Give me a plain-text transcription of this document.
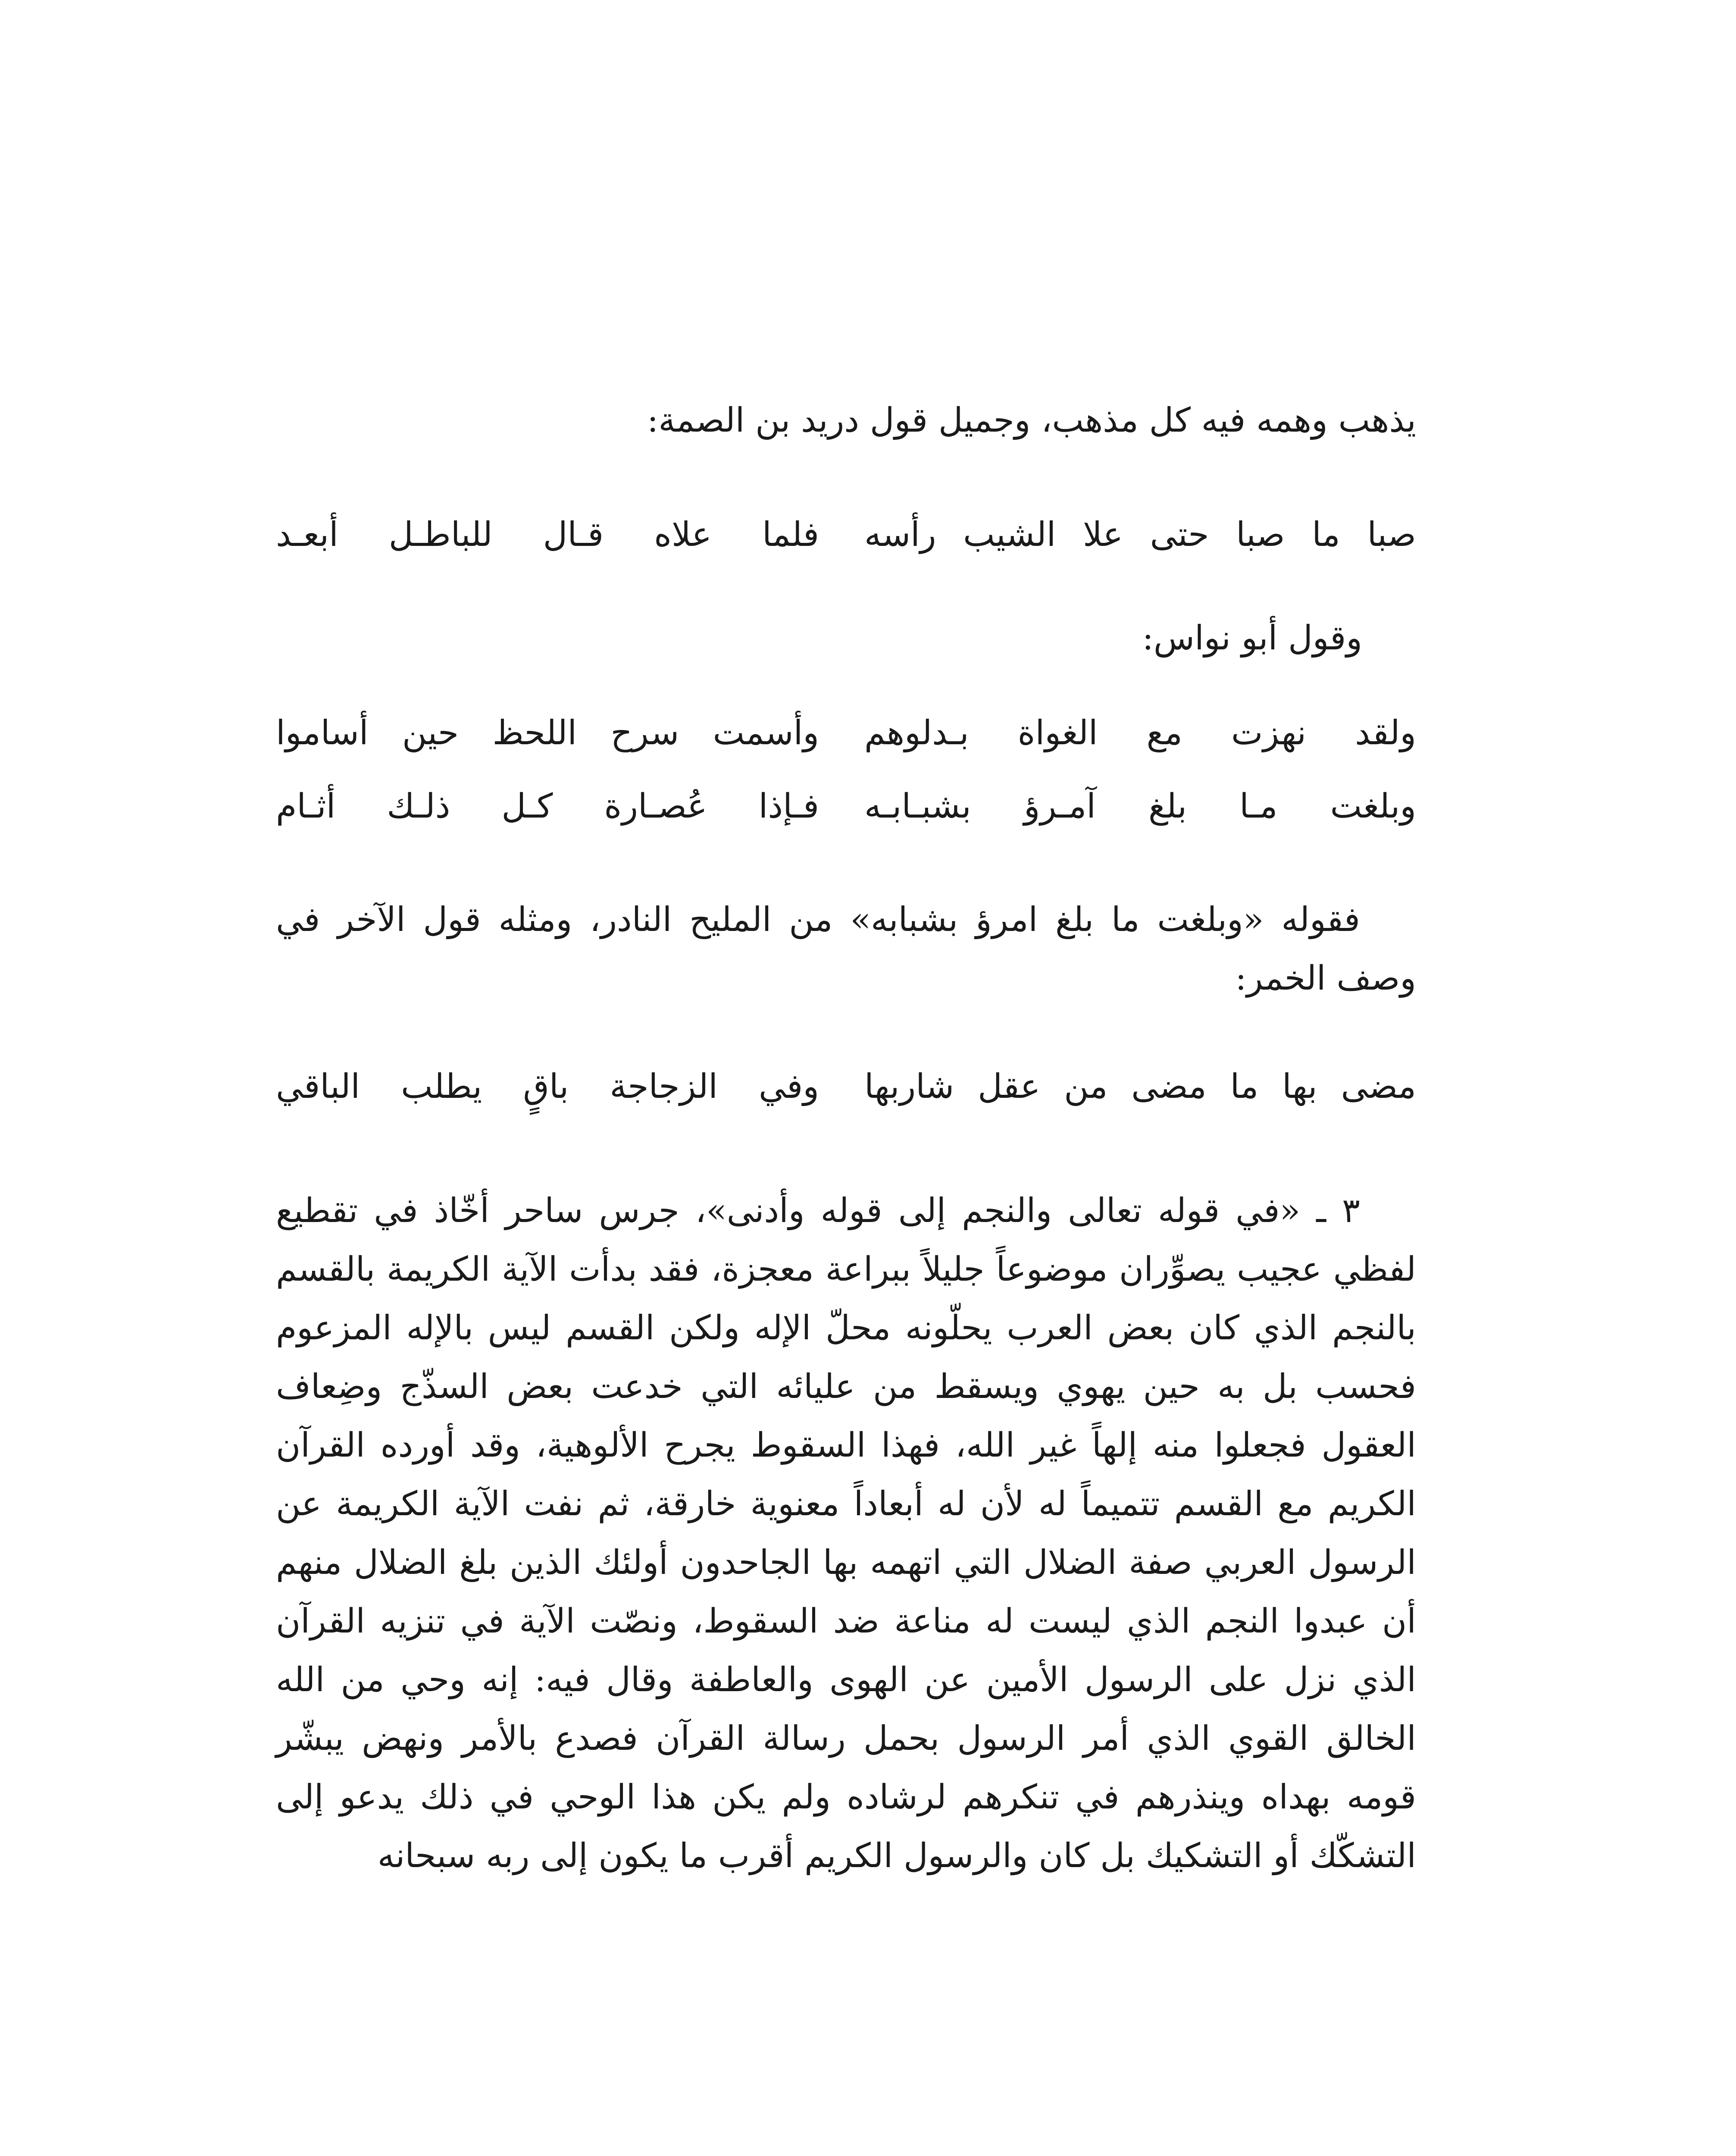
يذهب وهمه فيه كل مذهب، وجميل قول دريد بن الصمة:
صبا ما صبا حتى علا الشيب رأسه
فلما علاه قـال للباطـل أبعـد
وقول أبو نواس:
ولقد نهزت مع الغواة بـدلوهم
وأسمت سرح اللحظ حين أساموا
وبلغت مـا بلغ آمـرؤ بشبـابـه
فـإذا عُصـارة كـل ذلـك أثـام
فقوله «وبلغت ما بلغ امرؤ بشبابه» من المليح النادر، ومثله قول الآخر في وصف الخمر:
مضى بها ما مضى من عقل شاربها
وفي الزجاجة باقٍ يطلب الباقي
٣ ـ «في قوله تعالى والنجم إلى قوله وأدنى»، جرس ساحر أخّاذ في تقطيع لفظي عجيب يصوِّران موضوعاً جليلاً ببراعة معجزة، فقد بدأت الآية الكريمة بالقسم بالنجم الذي كان بعض العرب يحلّونه محلّ الإله ولكن القسم ليس بالإله المزعوم فحسب بل به حين يهوي ويسقط من عليائه التي خدعت بعض السذّج وضِعاف العقول فجعلوا منه إلهاً غير الله، فهذا السقوط يجرح الألوهية، وقد أورده القرآن الكريم مع القسم تتميماً له لأن له أبعاداً معنوية خارقة، ثم نفت الآية الكريمة عن الرسول العربي صفة الضلال التي اتهمه بها الجاحدون أولئك الذين بلغ الضلال منهم أن عبدوا النجم الذي ليست له مناعة ضد السقوط، ونصّت الآية في تنزيه القرآن الذي نزل على الرسول الأمين عن الهوى والعاطفة وقال فيه: إنه وحي من الله الخالق القوي الذي أمر الرسول بحمل رسالة القرآن فصدع بالأمر ونهض يبشّر قومه بهداه وينذرهم في تنكرهم لرشاده ولم يكن هذا الوحي في ذلك يدعو إلى التشكّك أو التشكيك بل كان والرسول الكريم أقرب ما يكون إلى ربه سبحانه
